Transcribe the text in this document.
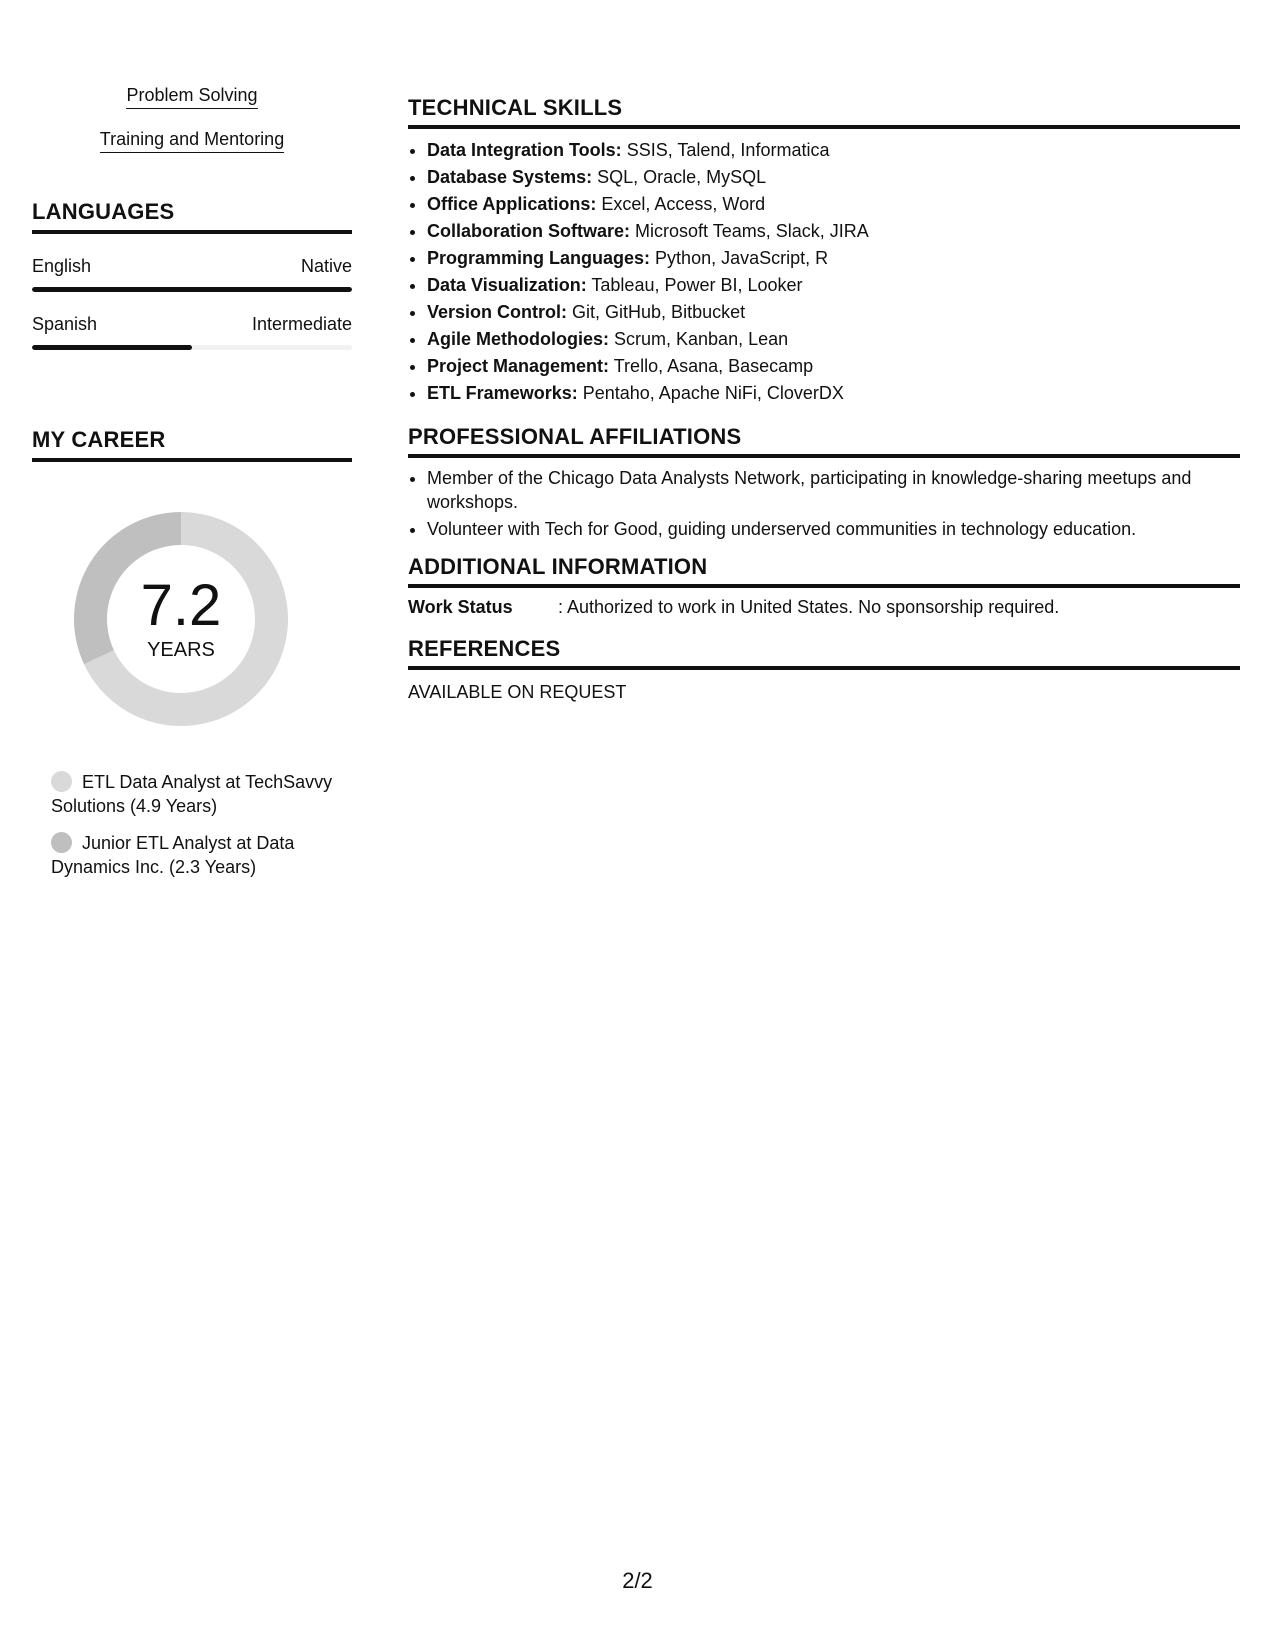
Problem Solving
Training and Mentoring
LANGUAGES
English	Native
Spanish	Intermediate
MY CAREER
7.2
YEARS
ETL Data Analyst at TechSavvy Solutions (4.9 Years)
Junior ETL Analyst at Data Dynamics Inc. (2.3 Years)
TECHNICAL SKILLS
• Data Integration Tools: SSIS, Talend, Informatica
• Database Systems: SQL, Oracle, MySQL
• Office Applications: Excel, Access, Word
• Collaboration Software: Microsoft Teams, Slack, JIRA
• Programming Languages: Python, JavaScript, R
• Data Visualization: Tableau, Power BI, Looker
• Version Control: Git, GitHub, Bitbucket
• Agile Methodologies: Scrum, Kanban, Lean
• Project Management: Trello, Asana, Basecamp
• ETL Frameworks: Pentaho, Apache NiFi, CloverDX
PROFESSIONAL AFFILIATIONS
• Member of the Chicago Data Analysts Network, participating in knowledge-sharing meetups and workshops.
• Volunteer with Tech for Good, guiding underserved communities in technology education.
ADDITIONAL INFORMATION
Work Status	: Authorized to work in United States. No sponsorship required.
REFERENCES
AVAILABLE ON REQUEST
2/2
